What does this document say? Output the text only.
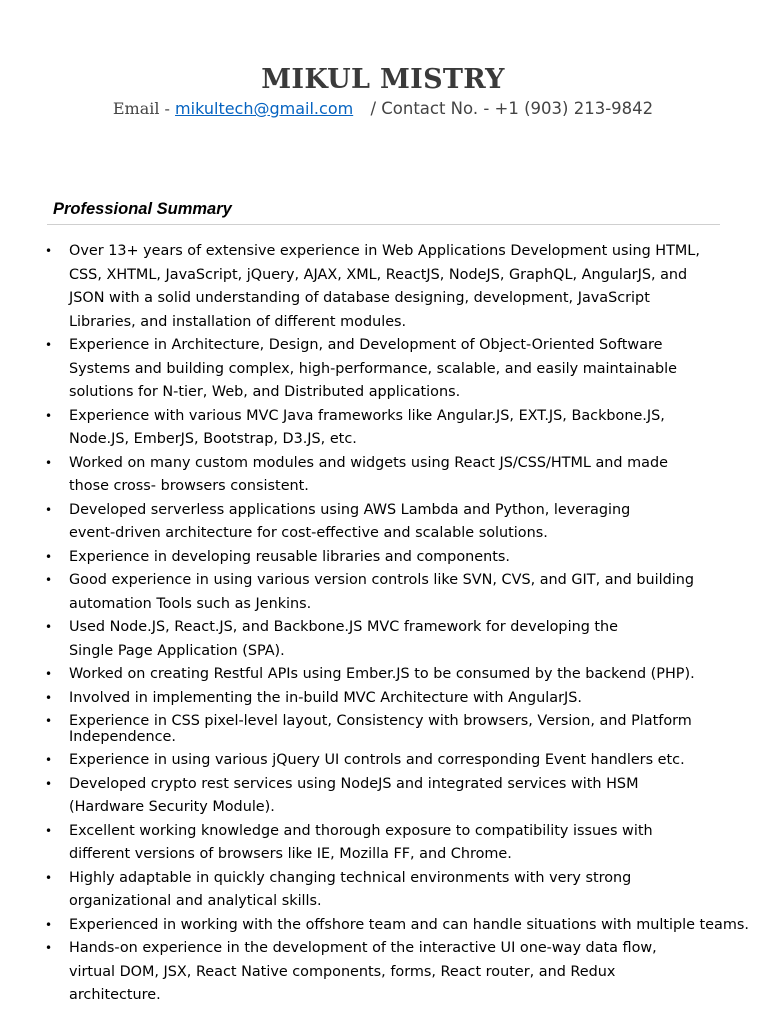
MIKUL MISTRY
Email - mikultech@gmail.com / Contact No. - +1 (903) 213-9842
Professional Summary
• Over 13+ years of extensive experience in Web Applications Development using HTML,
CSS, XHTML, JavaScript, jQuery, AJAX, XML, ReactJS, NodeJS, GraphQL, AngularJS, and
JSON with a solid understanding of database designing, development, JavaScript
Libraries, and installation of different modules.
• Experience in Architecture, Design, and Development of Object-Oriented Software
Systems and building complex, high-performance, scalable, and easily maintainable
solutions for N-tier, Web, and Distributed applications.
• Experience with various MVC Java frameworks like Angular.JS, EXT.JS, Backbone.JS,
Node.JS, EmberJS, Bootstrap, D3.JS, etc.
• Worked on many custom modules and widgets using React JS/CSS/HTML and made
those cross- browsers consistent.
• Developed serverless applications using AWS Lambda and Python, leveraging
event-driven architecture for cost-effective and scalable solutions.
• Experience in developing reusable libraries and components.
• Good experience in using various version controls like SVN, CVS, and GIT, and building
automation Tools such as Jenkins.
• Used Node.JS, React.JS, and Backbone.JS MVC framework for developing the
Single Page Application (SPA).
• Worked on creating Restful APIs using Ember.JS to be consumed by the backend (PHP).
• Involved in implementing the in-build MVC Architecture with AngularJS.
• Experience in CSS pixel-level layout, Consistency with browsers, Version, and Platform
Independence.
• Experience in using various jQuery UI controls and corresponding Event handlers etc.
• Developed crypto rest services using NodeJS and integrated services with HSM
(Hardware Security Module).
• Excellent working knowledge and thorough exposure to compatibility issues with
different versions of browsers like IE, Mozilla FF, and Chrome.
• Highly adaptable in quickly changing technical environments with very strong
organizational and analytical skills.
• Experienced in working with the offshore team and can handle situations with multiple teams.
• Hands-on experience in the development of the interactive UI one-way data flow,
virtual DOM, JSX, React Native components, forms, React router, and Redux
architecture.
